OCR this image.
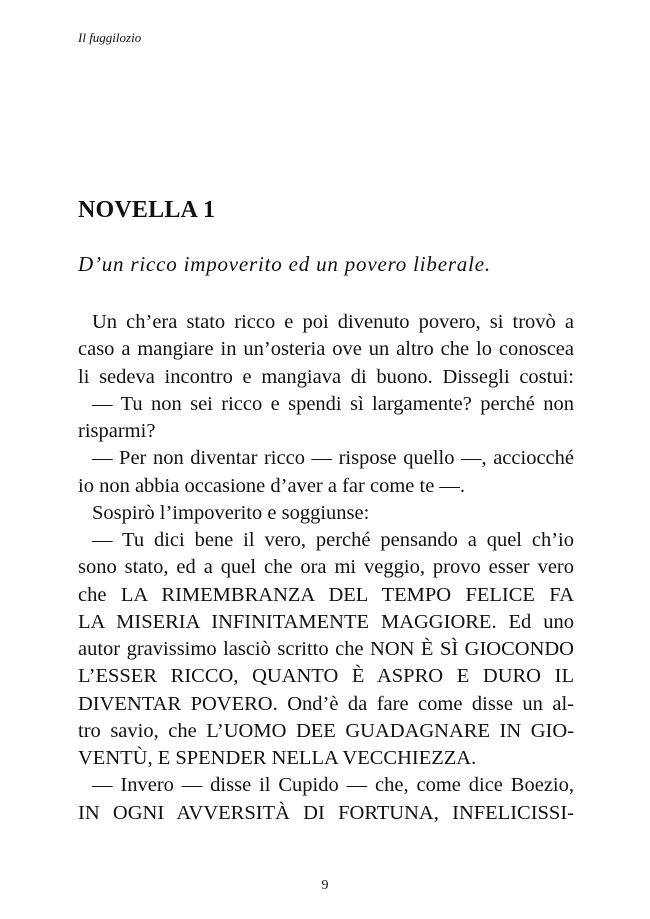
Il fuggilozio
NOVELLA 1
D’un ricco impoverito ed un povero liberale.
Un ch’era stato ricco e poi divenuto povero, si trovò a
caso a mangiare in un’osteria ove un altro che lo conoscea
li sedeva incontro e mangiava di buono. Dissegli costui:
— Tu non sei ricco e spendi sì largamente? perché non
risparmi?
— Per non diventar ricco — rispose quello —, acciocché
io non abbia occasione d’aver a far come te —.
Sospirò l’impoverito e soggiunse:
— Tu dici bene il vero, perché pensando a quel ch’io
sono stato, ed a quel che ora mi veggio, provo esser vero
che LA RIMEMBRANZA DEL TEMPO FELICE FA
LA MISERIA INFINITAMENTE MAGGIORE. Ed uno
autor gravissimo lasciò scritto che NON È SÌ GIOCONDO
L’ESSER RICCO, QUANTO È ASPRO E DURO IL
DIVENTAR POVERO. Ond’è da fare come disse un al-
tro savio, che L’UOMO DEE GUADAGNARE IN GIO-
VENTÙ, E SPENDER NELLA VECCHIEZZA.
— Invero — disse il Cupido — che, come dice Boezio,
IN OGNI AVVERSITÀ DI FORTUNA, INFELICISSI-
9
